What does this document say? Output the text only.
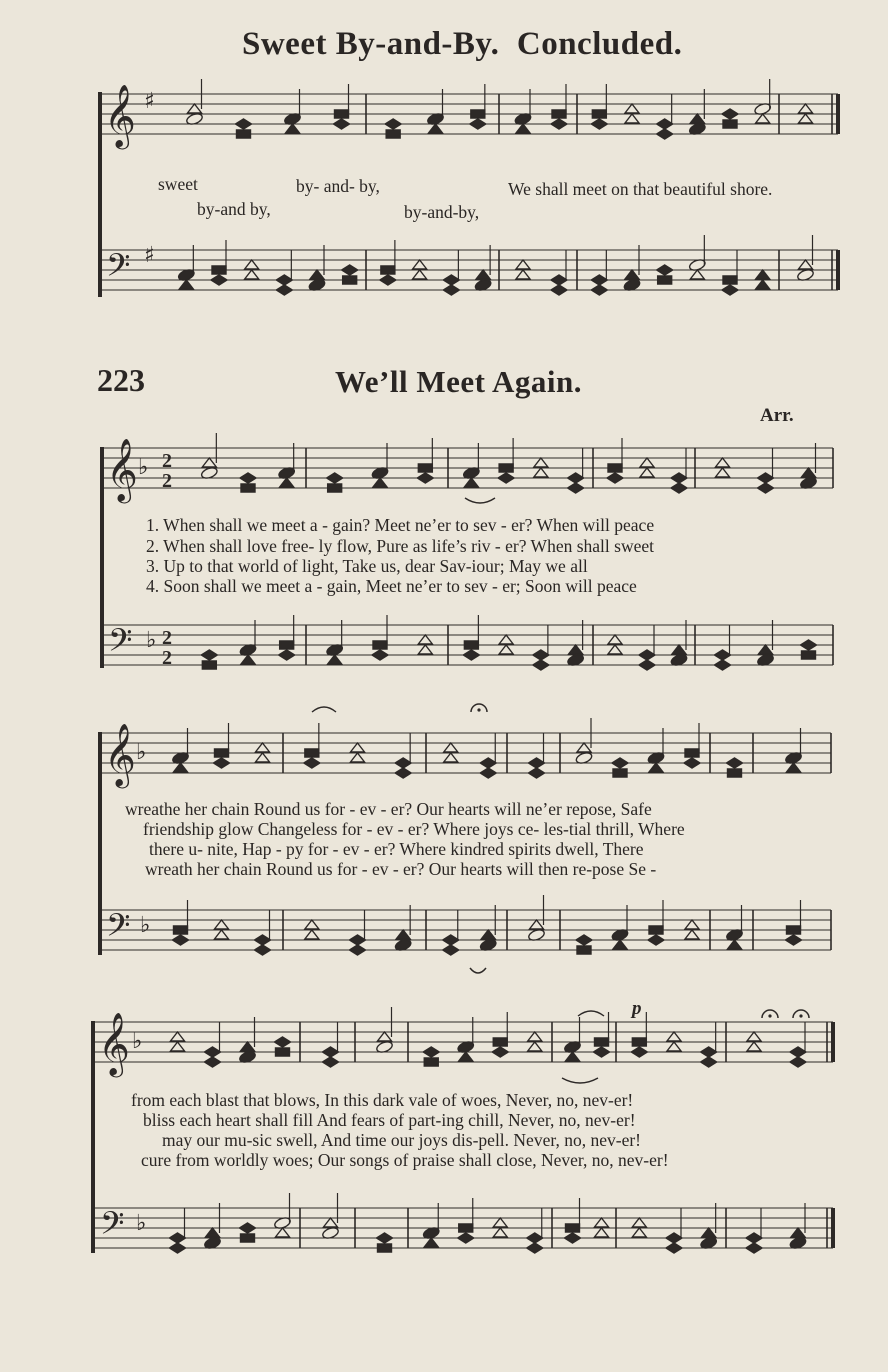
Sweet By-and-By. Concluded.
223	We’ll Meet Again.
Arr.
𝄞 ♯
𝄢 ♯
𝄞 ♭ 2
2
𝄢 ♭ 2
2
𝄞 ♭
𝄢 ♭
𝄞 ♭
𝄢 ♭
sweet	by- and- by,	We shall meet on that beautiful shore.
by-and by,	by-and-by,
1. When shall we meet a - gain? Meet ne’er to sev - er? When will peace
2. When shall love free- ly flow, Pure as life’s riv - er? When shall sweet
3. Up to that world of light, Take us, dear Sav-iour; May we all
4. Soon shall we meet a - gain, Meet ne’er to sev - er; Soon will peace
wreathe her chain Round us for - ev - er? Our hearts will ne’er repose, Safe
friendship glow Changeless for - ev - er? Where joys ce- les-tial thrill, Where
there u- nite, Hap - py for - ev - er? Where kindred spirits dwell, There
wreath her chain Round us for - ev - er? Our hearts will then re-pose Se -
from each blast that blows, In this dark vale of woes, Never, no, nev-er!
bliss each heart shall fill And fears of part-ing chill, Never, no, nev-er!
may our mu-sic swell, And time our joys dis-pell. Never, no, nev-er!
cure from worldly woes; Our songs of praise shall close, Never, no, nev-er!
p
